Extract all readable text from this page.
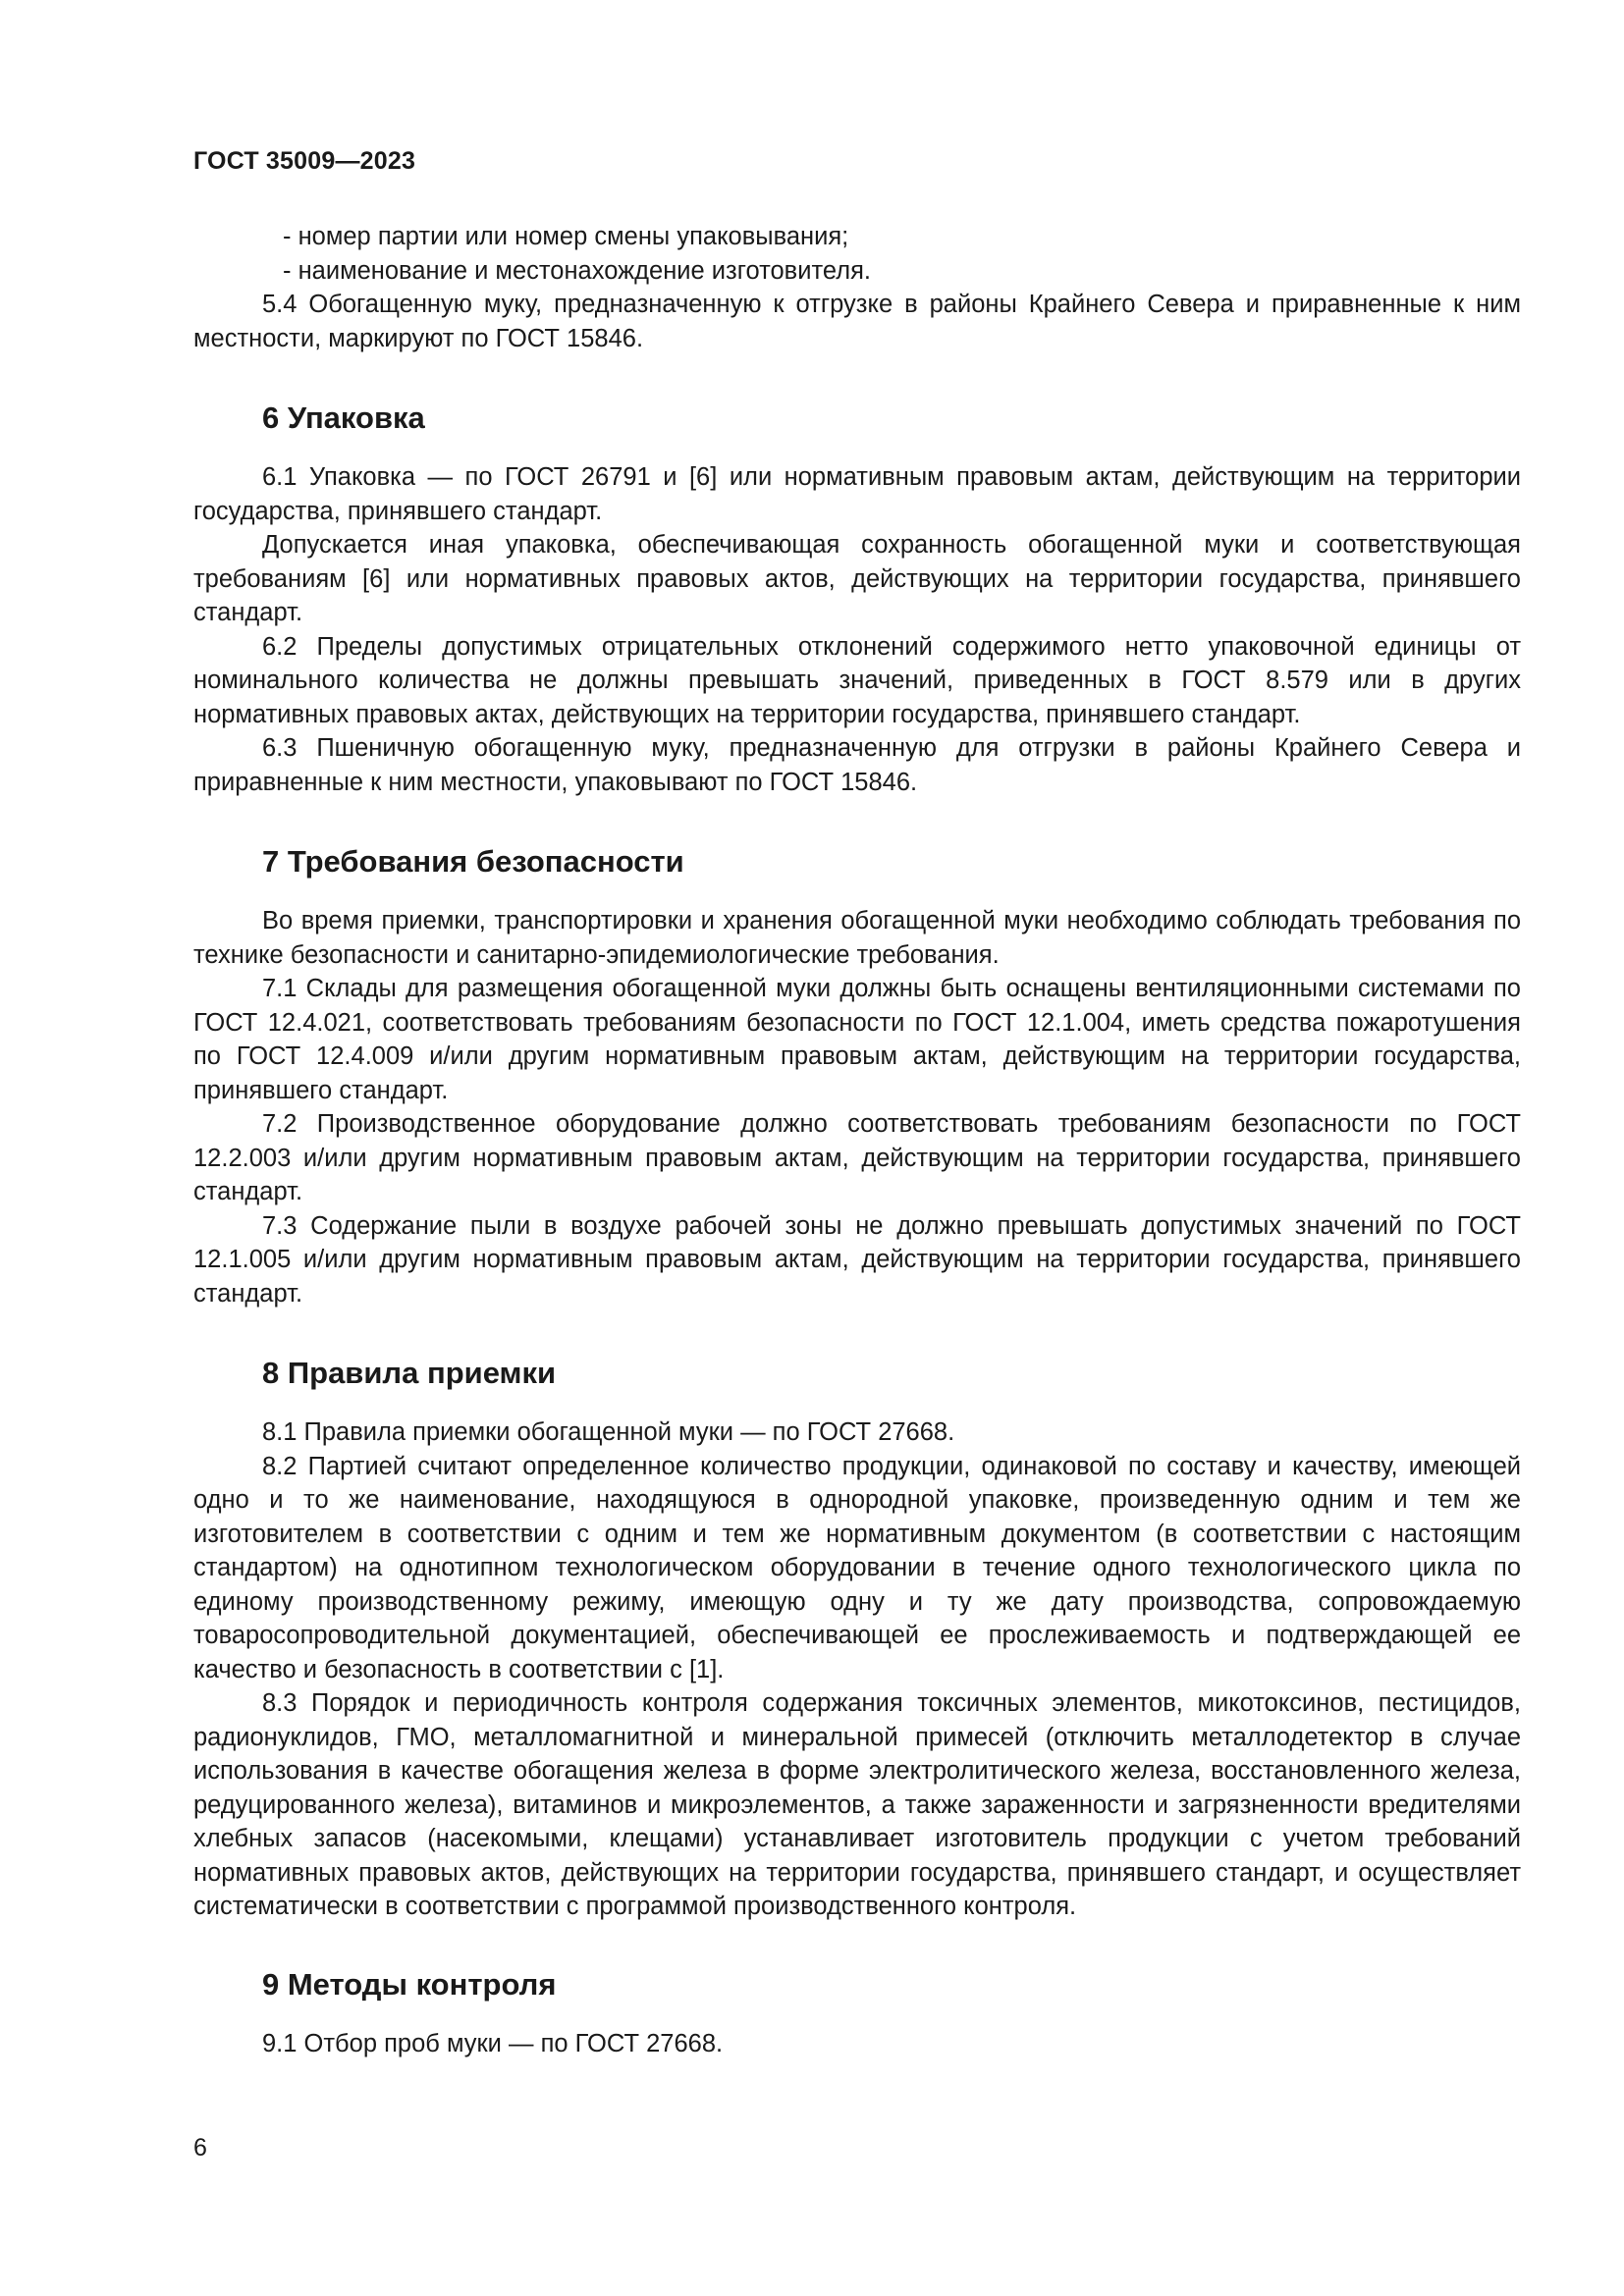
ГОСТ 35009—2023

- номер партии или номер смены упаковывания;

- наименование и местонахождение изготовителя.

5.4 Обогащенную муку, предназначенную к отгрузке в районы Крайнего Севера и приравненные к ним местности, маркируют по ГОСТ 15846.

6 Упаковка

6.1 Упаковка — по ГОСТ 26791 и [6] или нормативным правовым актам, действующим на территории государства, принявшего стандарт.

Допускается иная упаковка, обеспечивающая сохранность обогащенной муки и соответствующая требованиям [6] или нормативных правовых актов, действующих на территории государства, принявшего стандарт.

6.2 Пределы допустимых отрицательных отклонений содержимого нетто упаковочной единицы от номинального количества не должны превышать значений, приведенных в ГОСТ 8.579 или в других нормативных правовых актах, действующих на территории государства, принявшего стандарт.

6.3 Пшеничную обогащенную муку, предназначенную для отгрузки в районы Крайнего Севера и приравненные к ним местности, упаковывают по ГОСТ 15846.

7 Требования безопасности

Во время приемки, транспортировки и хранения обогащенной муки необходимо соблюдать требования по технике безопасности и санитарно-эпидемиологические требования.

7.1 Склады для размещения обогащенной муки должны быть оснащены вентиляционными системами по ГОСТ 12.4.021, соответствовать требованиям безопасности по ГОСТ 12.1.004, иметь средства пожаротушения по ГОСТ 12.4.009 и/или другим нормативным правовым актам, действующим на территории государства, принявшего стандарт.

7.2 Производственное оборудование должно соответствовать требованиям безопасности по ГОСТ 12.2.003 и/или другим нормативным правовым актам, действующим на территории государства, принявшего стандарт.

7.3 Содержание пыли в воздухе рабочей зоны не должно превышать допустимых значений по ГОСТ 12.1.005 и/или другим нормативным правовым актам, действующим на территории государства, принявшего стандарт.

8 Правила приемки

8.1 Правила приемки обогащенной муки — по ГОСТ 27668.

8.2 Партией считают определенное количество продукции, одинаковой по составу и качеству, имеющей одно и то же наименование, находящуюся в однородной упаковке, произведенную одним и тем же изготовителем в соответствии с одним и тем же нормативным документом (в соответствии с настоящим стандартом) на однотипном технологическом оборудовании в течение одного технологического цикла по единому производственному режиму, имеющую одну и ту же дату производства, сопровождаемую товаросопроводительной документацией, обеспечивающей ее прослеживаемость и подтверждающей ее качество и безопасность в соответствии с [1].

8.3 Порядок и периодичность контроля содержания токсичных элементов, микотоксинов, пестицидов, радионуклидов, ГМО, металломагнитной и минеральной примесей (отключить металлодетектор в случае использования в качестве обогащения железа в форме электролитического железа, восстановленного железа, редуцированного железа), витаминов и микроэлементов, а также зараженности и загрязненности вредителями хлебных запасов (насекомыми, клещами) устанавливает изготовитель продукции с учетом требований нормативных правовых актов, действующих на территории государства, принявшего стандарт, и осуществляет систематически в соответствии с программой производственного контроля.

9 Методы контроля

9.1 Отбор проб муки — по ГОСТ 27668.

6
